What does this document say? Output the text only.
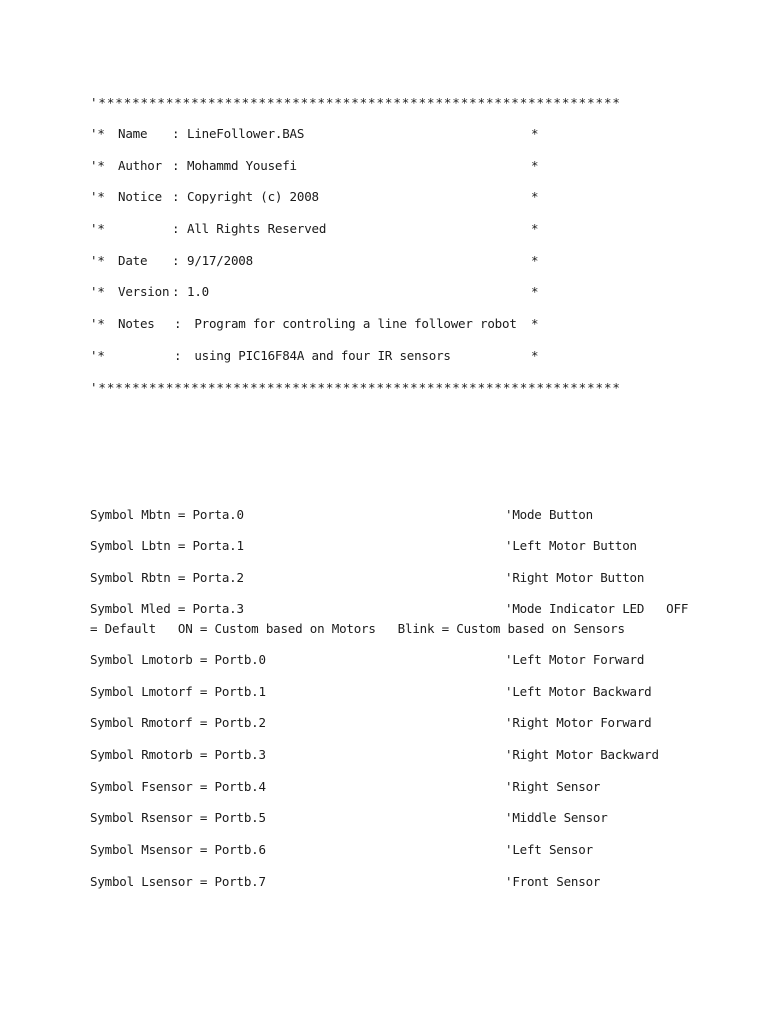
'**************************************************************
'* Name : LineFollower.BAS	*
'* Author : Mohammd Yousefi	*
'* Notice : Copyright (c) 2008	*
'*	: All Rights Reserved	*
'* Date : 9/17/2008	*
'* Version : 1.0	*
'* Notes : Program for controling a line follower robot *
'*	: using PIC16F84A and four IR sensors	*
'**************************************************************
Symbol Mbtn = Porta.0	'Mode Button
Symbol Lbtn = Porta.1	'Left Motor Button
Symbol Rbtn = Porta.2	'Right Motor Button
Symbol Mled = Porta.3	'Mode Indicator LED   OFF
= Default   ON = Custom based on Motors   Blink = Custom based on Sensors
Symbol Lmotorb = Portb.0	'Left Motor Forward
Symbol Lmotorf = Portb.1	'Left Motor Backward
Symbol Rmotorf = Portb.2	'Right Motor Forward
Symbol Rmotorb = Portb.3	'Right Motor Backward
Symbol Fsensor = Portb.4	'Right Sensor
Symbol Rsensor = Portb.5	'Middle Sensor
Symbol Msensor = Portb.6	'Left Sensor
Symbol Lsensor = Portb.7	'Front Sensor
